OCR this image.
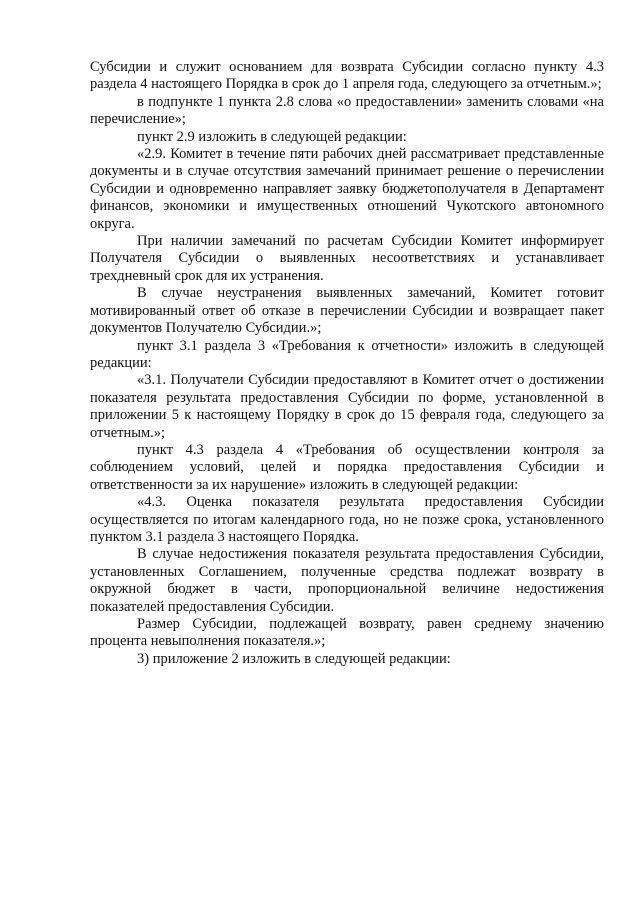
Субсидии и служит основанием для возврата Субсидии согласно пункту 4.3 раздела 4 настоящего Порядка в срок до 1 апреля года, следующего за отчетным.»;

в подпункте 1 пункта 2.8 слова «о предоставлении» заменить словами «на перечисление»;

пункт 2.9 изложить в следующей редакции:

«2.9. Комитет в течение пяти рабочих дней рассматривает представленные документы и в случае отсутствия замечаний принимает решение о перечислении Субсидии и одновременно направляет заявку бюджетополучателя в Департамент финансов, экономики и имущественных отношений Чукотского автономного округа.

При наличии замечаний по расчетам Субсидии Комитет информирует Получателя Субсидии о выявленных несоответствиях и устанавливает трехдневный срок для их устранения.

В случае неустранения выявленных замечаний, Комитет готовит мотивированный ответ об отказе в перечислении Субсидии и возвращает пакет документов Получателю Субсидии.»;

пункт 3.1 раздела 3 «Требования к отчетности» изложить в следующей редакции:

«3.1. Получатели Субсидии предоставляют в Комитет отчет о достижении показателя результата предоставления Субсидии по форме, установленной в приложении 5 к настоящему Порядку в срок до 15 февраля года, следующего за отчетным.»;

пункт 4.3 раздела 4 «Требования об осуществлении контроля за соблюдением условий, целей и порядка предоставления Субсидии и ответственности за их нарушение» изложить в следующей редакции:

«4.3. Оценка показателя результата предоставления Субсидии осуществляется по итогам календарного года, но не позже срока, установленного пунктом 3.1 раздела 3 настоящего Порядка.

В случае недостижения показателя результата предоставления Субсидии, установленных Соглашением, полученные средства подлежат возврату в окружной бюджет в части, пропорциональной величине недостижения показателей предоставления Субсидии.

Размер Субсидии, подлежащей возврату, равен среднему значению процента невыполнения показателя.»;

3) приложение 2 изложить в следующей редакции:
